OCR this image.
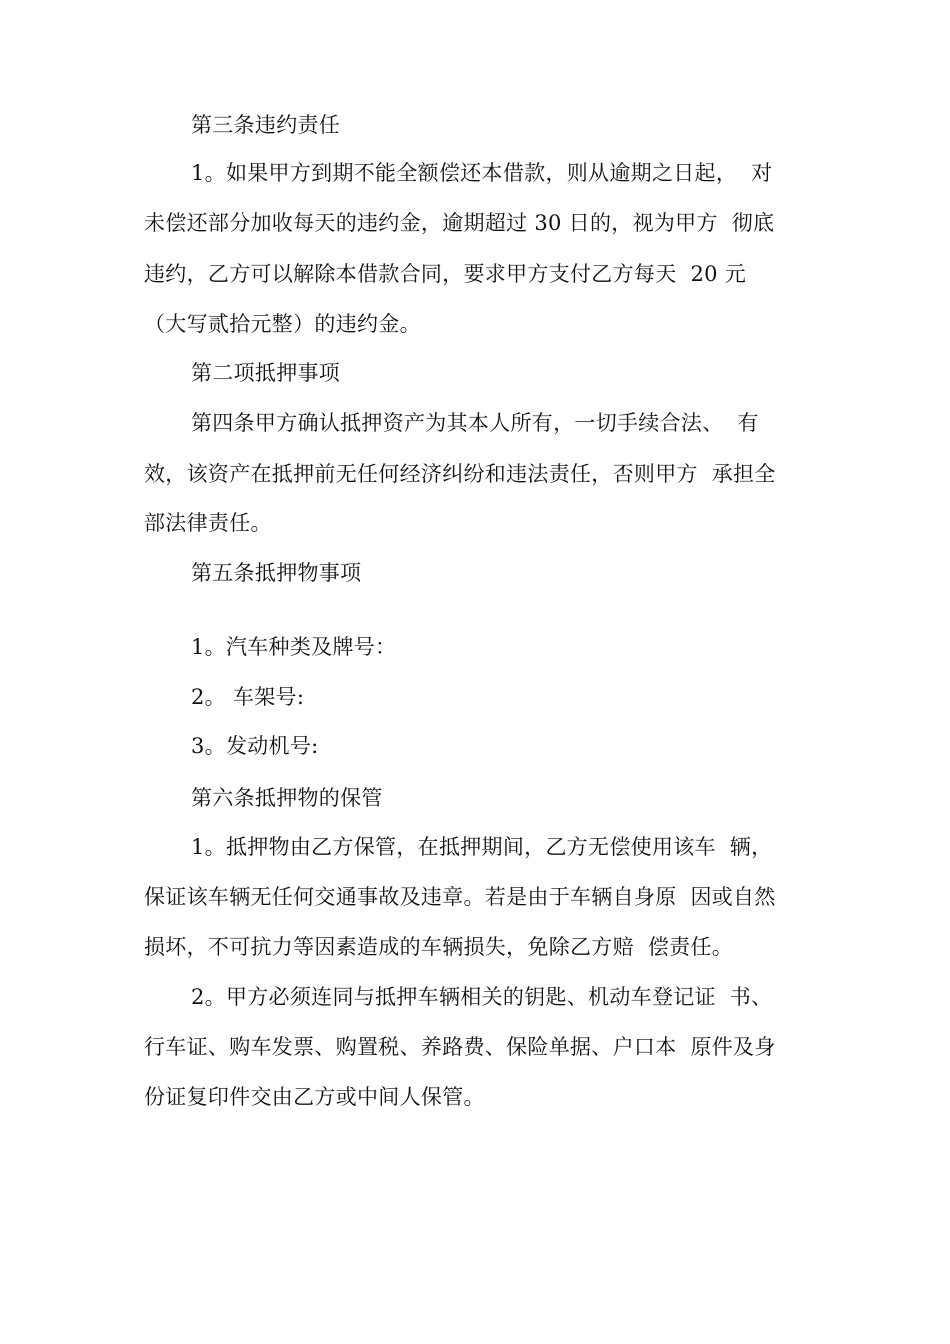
第三条违约责任
1。如果甲方到期不能全额偿还本借款，则从逾期之日起，  对
未偿还部分加收每天的违约金，逾期超过 30 日的，视为甲方  彻底
违约，乙方可以解除本借款合同，要求甲方支付乙方每天  20 元
（大写贰拾元整）的违约金。
第二项抵押事项
第四条甲方确认抵押资产为其本人所有，一切手续合法、  有
效，该资产在抵押前无任何经济纠纷和违法责任，否则甲方  承担全
部法律责任。
第五条抵押物事项
1。汽车种类及牌号：
2。 车架号:
3。发动机号:
第六条抵押物的保管
1。抵押物由乙方保管，在抵押期间，乙方无偿使用该车  辆，
保证该车辆无任何交通事故及违章。若是由于车辆自身原  因或自然
损坏，不可抗力等因素造成的车辆损失，免除乙方赔  偿责任。
2。甲方必须连同与抵押车辆相关的钥匙、机动车登记证  书、
行车证、购车发票、购置税、养路费、保险单据、户口本  原件及身
份证复印件交由乙方或中间人保管。
